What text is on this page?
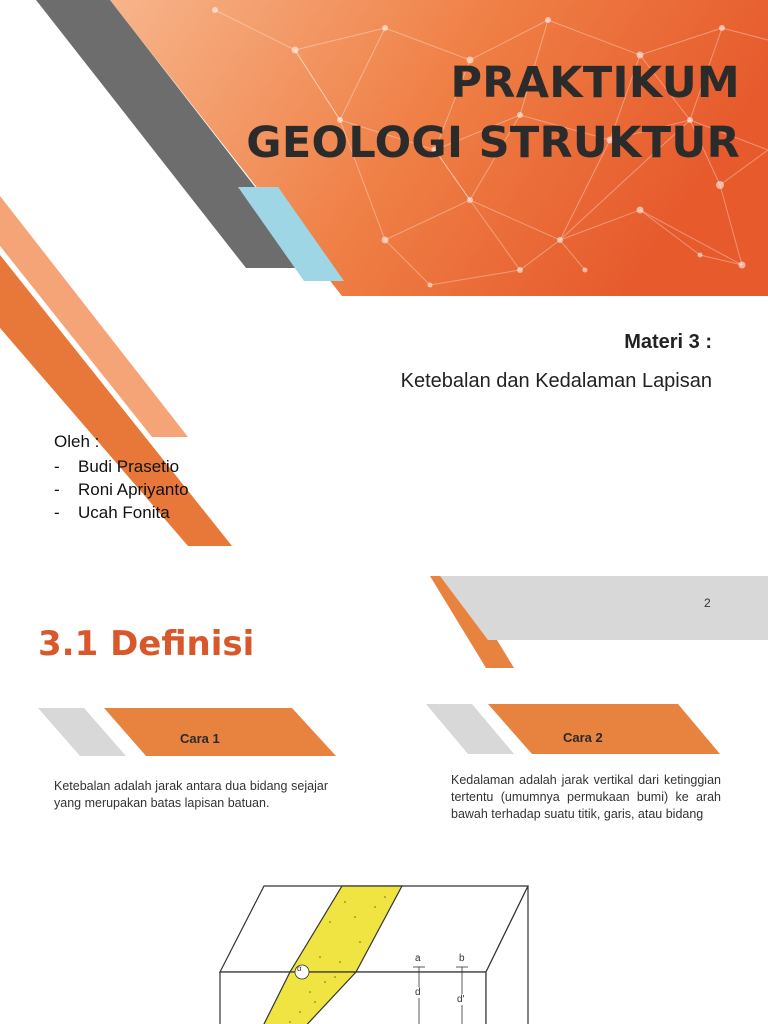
PRAKTIKUM
GEOLOGI STRUKTUR
Materi 3 :
Ketebalan dan Kedalaman Lapisan
Oleh :
- Budi Prasetio
- Roni Apriyanto
- Ucah Fonita
2
3.1 Definisi
Cara 1	Cara 2
Ketebalan adalah jarak antara dua bidang sejajar yang merupakan batas lapisan batuan.
Kedalaman adalah jarak vertikal dari ketinggian tertentu (umumnya permukaan bumi) ke arah bawah terhadap suatu titik, garis, atau bidang
a	b
d
d'
α
